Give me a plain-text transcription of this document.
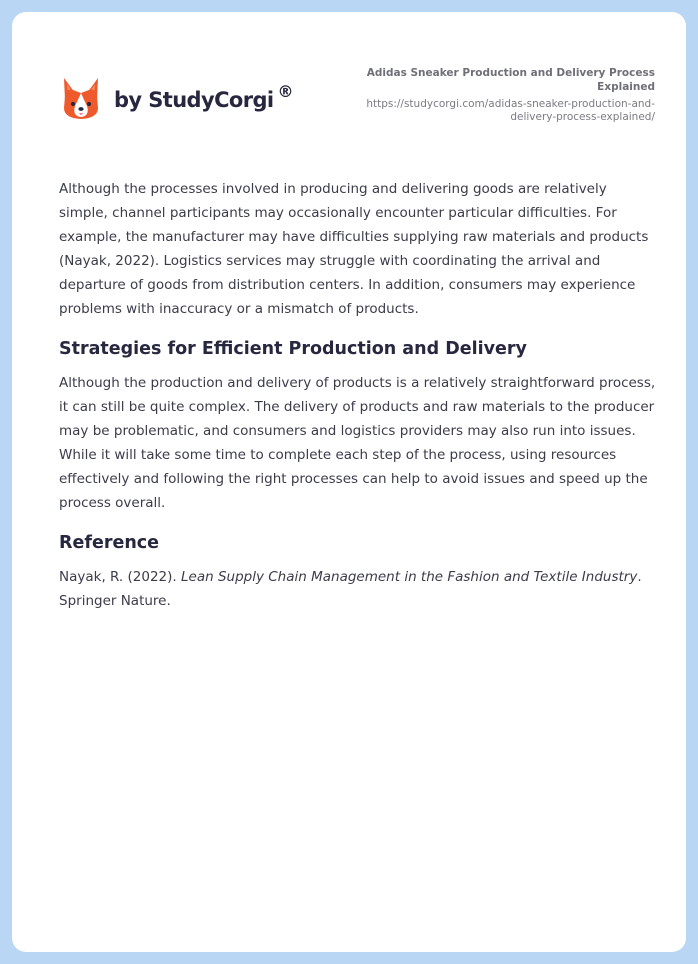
by StudyCorgi ®
Adidas Sneaker Production and Delivery Process Explained
https://studycorgi.com/adidas-sneaker-production-and-delivery-process-explained/

Although the processes involved in producing and delivering goods are relatively simple, channel participants may occasionally encounter particular difficulties. For example, the manufacturer may have difficulties supplying raw materials and products (Nayak, 2022). Logistics services may struggle with coordinating the arrival and departure of goods from distribution centers. In addition, consumers may experience problems with inaccuracy or a mismatch of products.

Strategies for Efficient Production and Delivery

Although the production and delivery of products is a relatively straightforward process, it can still be quite complex. The delivery of products and raw materials to the producer may be problematic, and consumers and logistics providers may also run into issues. While it will take some time to complete each step of the process, using resources effectively and following the right processes can help to avoid issues and speed up the process overall.

Reference

Nayak, R. (2022). Lean Supply Chain Management in the Fashion and Textile Industry. Springer Nature.
